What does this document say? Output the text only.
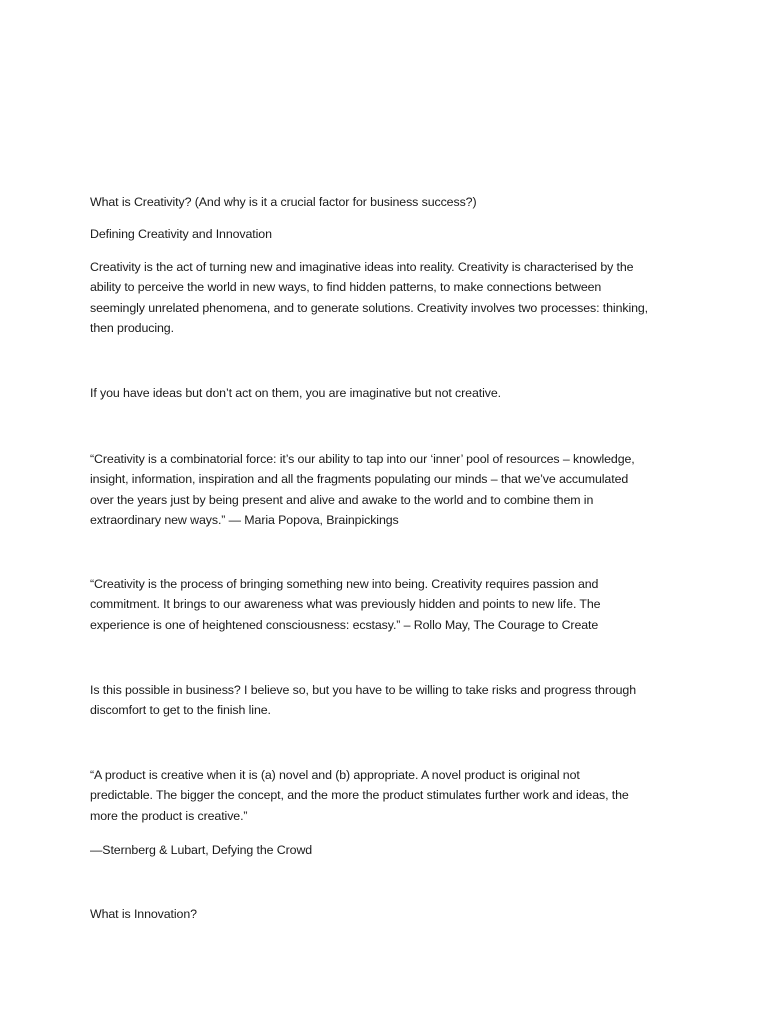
What is Creativity? (And why is it a crucial factor for business success?)

Defining Creativity and Innovation

Creativity is the act of turning new and imaginative ideas into reality. Creativity is characterised by the
ability to perceive the world in new ways, to find hidden patterns, to make connections between
seemingly unrelated phenomena, and to generate solutions. Creativity involves two processes: thinking,
then producing.

If you have ideas but don’t act on them, you are imaginative but not creative.

“Creativity is a combinatorial force: it’s our ability to tap into our ‘inner’ pool of resources – knowledge,
insight, information, inspiration and all the fragments populating our minds – that we’ve accumulated
over the years just by being present and alive and awake to the world and to combine them in
extraordinary new ways.” — Maria Popova, Brainpickings

“Creativity is the process of bringing something new into being. Creativity requires passion and
commitment. It brings to our awareness what was previously hidden and points to new life. The
experience is one of heightened consciousness: ecstasy.” – Rollo May, The Courage to Create

Is this possible in business? I believe so, but you have to be willing to take risks and progress through
discomfort to get to the finish line.

“A product is creative when it is (a) novel and (b) appropriate. A novel product is original not
predictable. The bigger the concept, and the more the product stimulates further work and ideas, the
more the product is creative.”

—Sternberg & Lubart, Defying the Crowd

What is Innovation?
